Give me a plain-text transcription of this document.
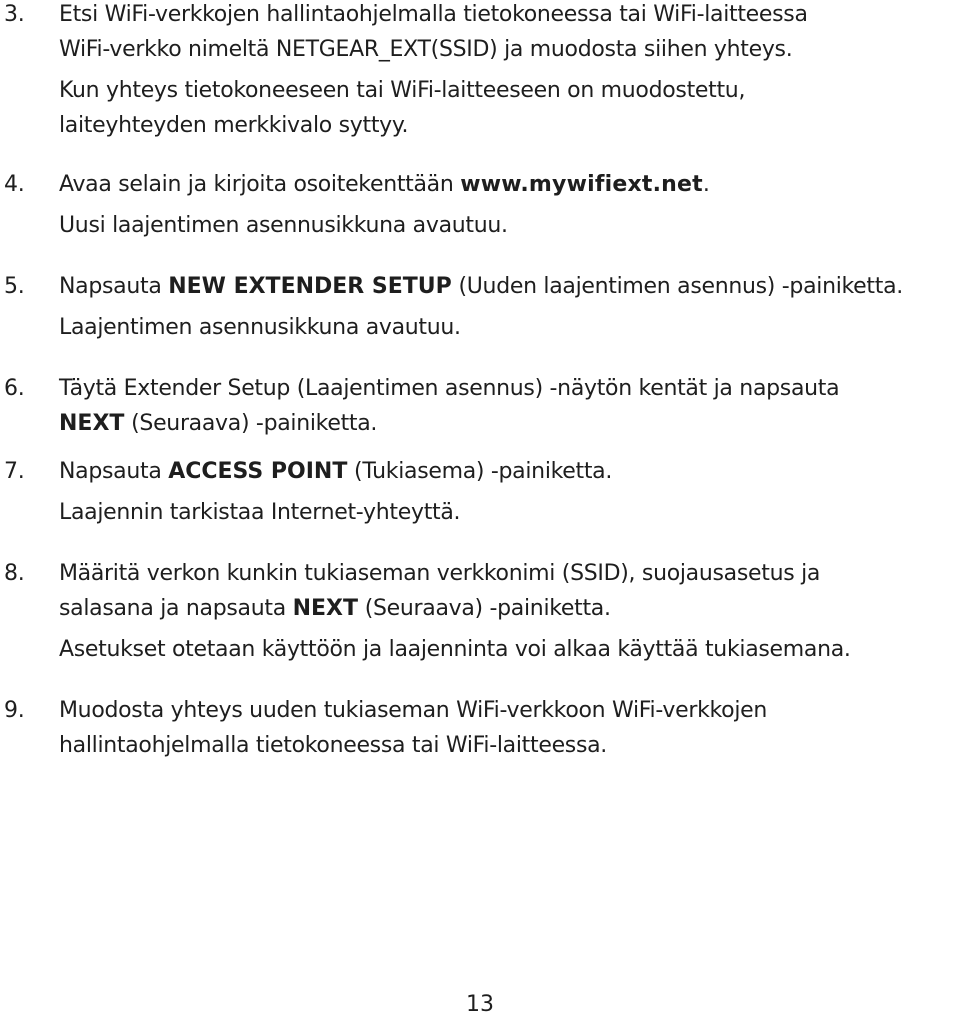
3. Etsi WiFi-verkkojen hallintaohjelmalla tietokoneessa tai WiFi-laitteessa

WiFi-verkko nimeltä NETGEAR_EXT(SSID) ja muodosta siihen yhteys.

Kun yhteys tietokoneeseen tai WiFi-laitteeseen on muodostettu,

laiteyhteyden merkkivalo syttyy.

4. Avaa selain ja kirjoita osoitekenttään www.mywifiext.net.

Uusi laajentimen asennusikkuna avautuu.

5. Napsauta NEW EXTENDER SETUP (Uuden laajentimen asennus) -painiketta.

Laajentimen asennusikkuna avautuu.

6. Täytä Extender Setup (Laajentimen asennus) -näytön kentät ja napsauta

NEXT (Seuraava) -painiketta.

7. Napsauta ACCESS POINT (Tukiasema) -painiketta.

Laajennin tarkistaa Internet-yhteyttä.

8. Määritä verkon kunkin tukiaseman verkkonimi (SSID), suojausasetus ja

salasana ja napsauta NEXT (Seuraava) -painiketta.

Asetukset otetaan käyttöön ja laajenninta voi alkaa käyttää tukiasemana.

9. Muodosta yhteys uuden tukiaseman WiFi-verkkoon WiFi-verkkojen

hallintaohjelmalla tietokoneessa tai WiFi-laitteessa.

13
